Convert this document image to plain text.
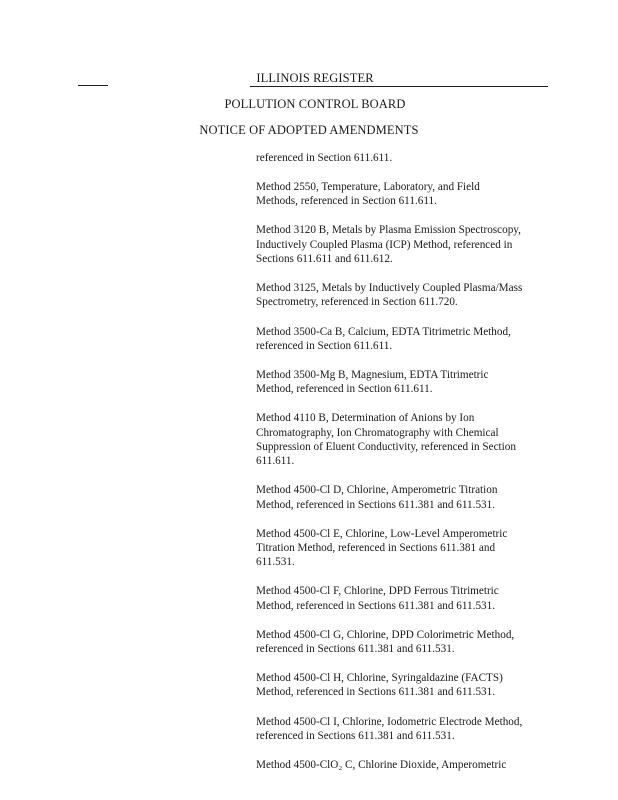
ILLINOIS REGISTER
POLLUTION CONTROL BOARD
NOTICE OF ADOPTED AMENDMENTS
referenced in Section 611.611.
Method 2550, Temperature, Laboratory, and Field
Methods, referenced in Section 611.611.
Method 3120 B, Metals by Plasma Emission Spectroscopy,
Inductively Coupled Plasma (ICP) Method, referenced in
Sections 611.611 and 611.612.
Method 3125, Metals by Inductively Coupled Plasma/Mass
Spectrometry, referenced in Section 611.720.
Method 3500-Ca B, Calcium, EDTA Titrimetric Method,
referenced in Section 611.611.
Method 3500-Mg B, Magnesium, EDTA Titrimetric
Method, referenced in Section 611.611.
Method 4110 B, Determination of Anions by Ion
Chromatography, Ion Chromatography with Chemical
Suppression of Eluent Conductivity, referenced in Section
611.611.
Method 4500-Cl D, Chlorine, Amperometric Titration
Method, referenced in Sections 611.381 and 611.531.
Method 4500-Cl E, Chlorine, Low-Level Amperometric
Titration Method, referenced in Sections 611.381 and
611.531.
Method 4500-Cl F, Chlorine, DPD Ferrous Titrimetric
Method, referenced in Sections 611.381 and 611.531.
Method 4500-Cl G, Chlorine, DPD Colorimetric Method,
referenced in Sections 611.381 and 611.531.
Method 4500-Cl H, Chlorine, Syringaldazine (FACTS)
Method, referenced in Sections 611.381 and 611.531.
Method 4500-Cl I, Chlorine, Iodometric Electrode Method,
referenced in Sections 611.381 and 611.531.
Method 4500-ClO₂ C, Chlorine Dioxide, Amperometric
